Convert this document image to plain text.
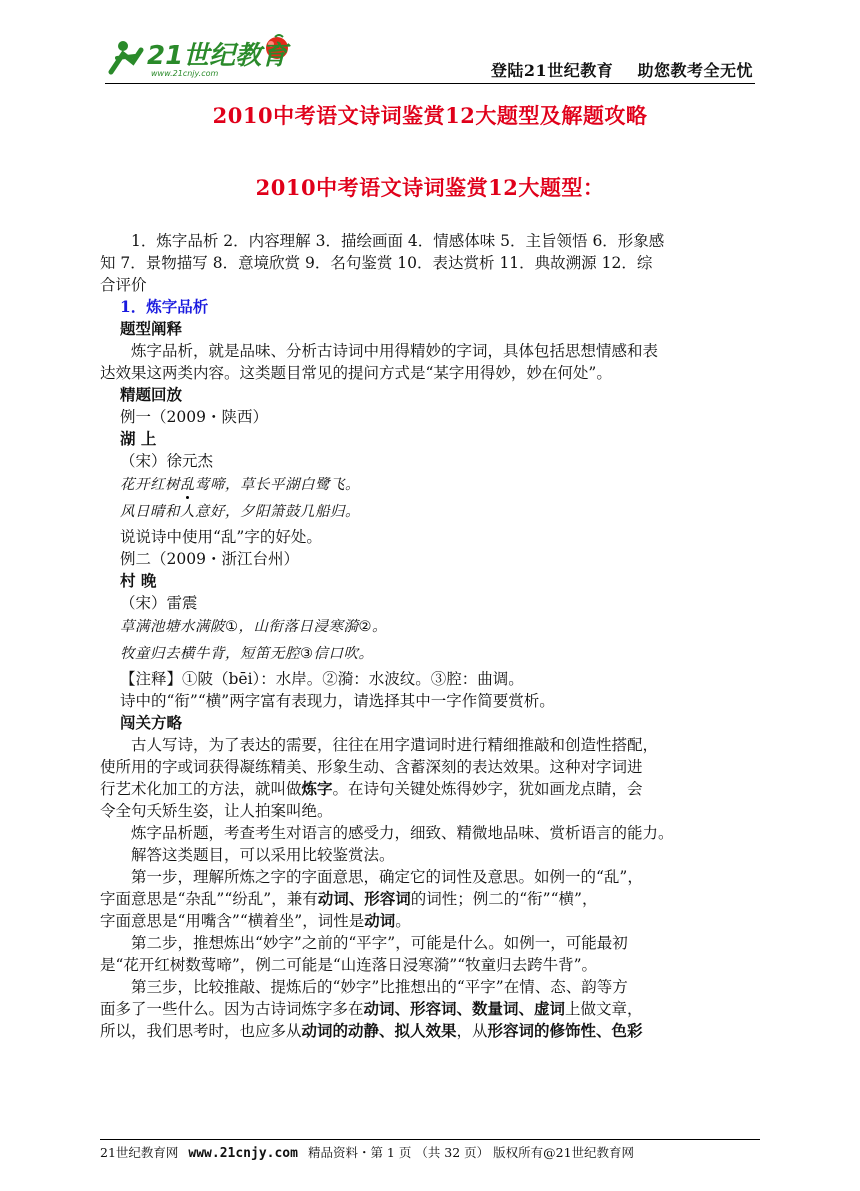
21世纪教育
www.21cnjy.com	登陆21世纪教育 助您教考全无忧
2010中考语文诗词鉴赏12大题型及解题攻略
2010中考语文诗词鉴赏12大题型：

1．炼字品析 2．内容理解 3．描绘画面 4．情感体味 5．主旨领悟 6．形象感

知 7．景物描写 8．意境欣赏 9．名句鉴赏 10．表达赏析 11．典故溯源 12．综

合评价

1．炼字品析

题型阐释

炼字品析，就是品味、分析古诗词中用得精妙的字词，具体包括思想情感和表

达效果这两类内容。这类题目常见的提问方式是“某字用得妙，妙在何处”。

精题回放

例一（2009・陕西）

湖 上

（宋）徐元杰

花开红树乱莺啼，草长平湖白鹭飞。

风日晴和人意好，夕阳箫鼓几船归。

说说诗中使用“乱”字的好处。

例二（2009・浙江台州）

村 晚

（宋）雷震

草满池塘水满陂①，山衔落日浸寒漪②。

牧童归去横牛背，短笛无腔③信口吹。

【注释】①陂（bēi）：水岸。②漪：水波纹。③腔：曲调。

诗中的“衔”“横”两字富有表现力，请选择其中一字作简要赏析。

闯关方略

古人写诗，为了表达的需要，往往在用字遣词时进行精细推敲和创造性搭配，

使所用的字或词获得凝练精美、形象生动、含蓄深刻的表达效果。这种对字词进

行艺术化加工的方法，就叫做炼字。在诗句关键处炼得妙字，犹如画龙点睛，会

令全句夭矫生姿，让人拍案叫绝。

炼字品析题，考查考生对语言的感受力，细致、精微地品味、赏析语言的能力。

解答这类题目，可以采用比较鉴赏法。

第一步，理解所炼之字的字面意思，确定它的词性及意思。如例一的“乱”，

字面意思是“杂乱”“纷乱”，兼有动词、形容词的词性；例二的“衔”“横”，

字面意思是“用嘴含”“横着坐”，词性是动词。

第二步，推想炼出“妙字”之前的“平字”，可能是什么。如例一，可能最初

是“花开红树数莺啼”，例二可能是“山连落日浸寒漪”“牧童归去跨牛背”。

第三步，比较推敲、提炼后的“妙字”比推想出的“平字”在情、态、韵等方

面多了一些什么。因为古诗词炼字多在动词、形容词、数量词、虚词上做文章，

所以，我们思考时，也应多从动词的动静、拟人效果，从形容词的修饰性、色彩

21世纪教育网 www.21cnjy.com 精品资料・第 1 页 （共 32 页） 版权所有@21世纪教育网
